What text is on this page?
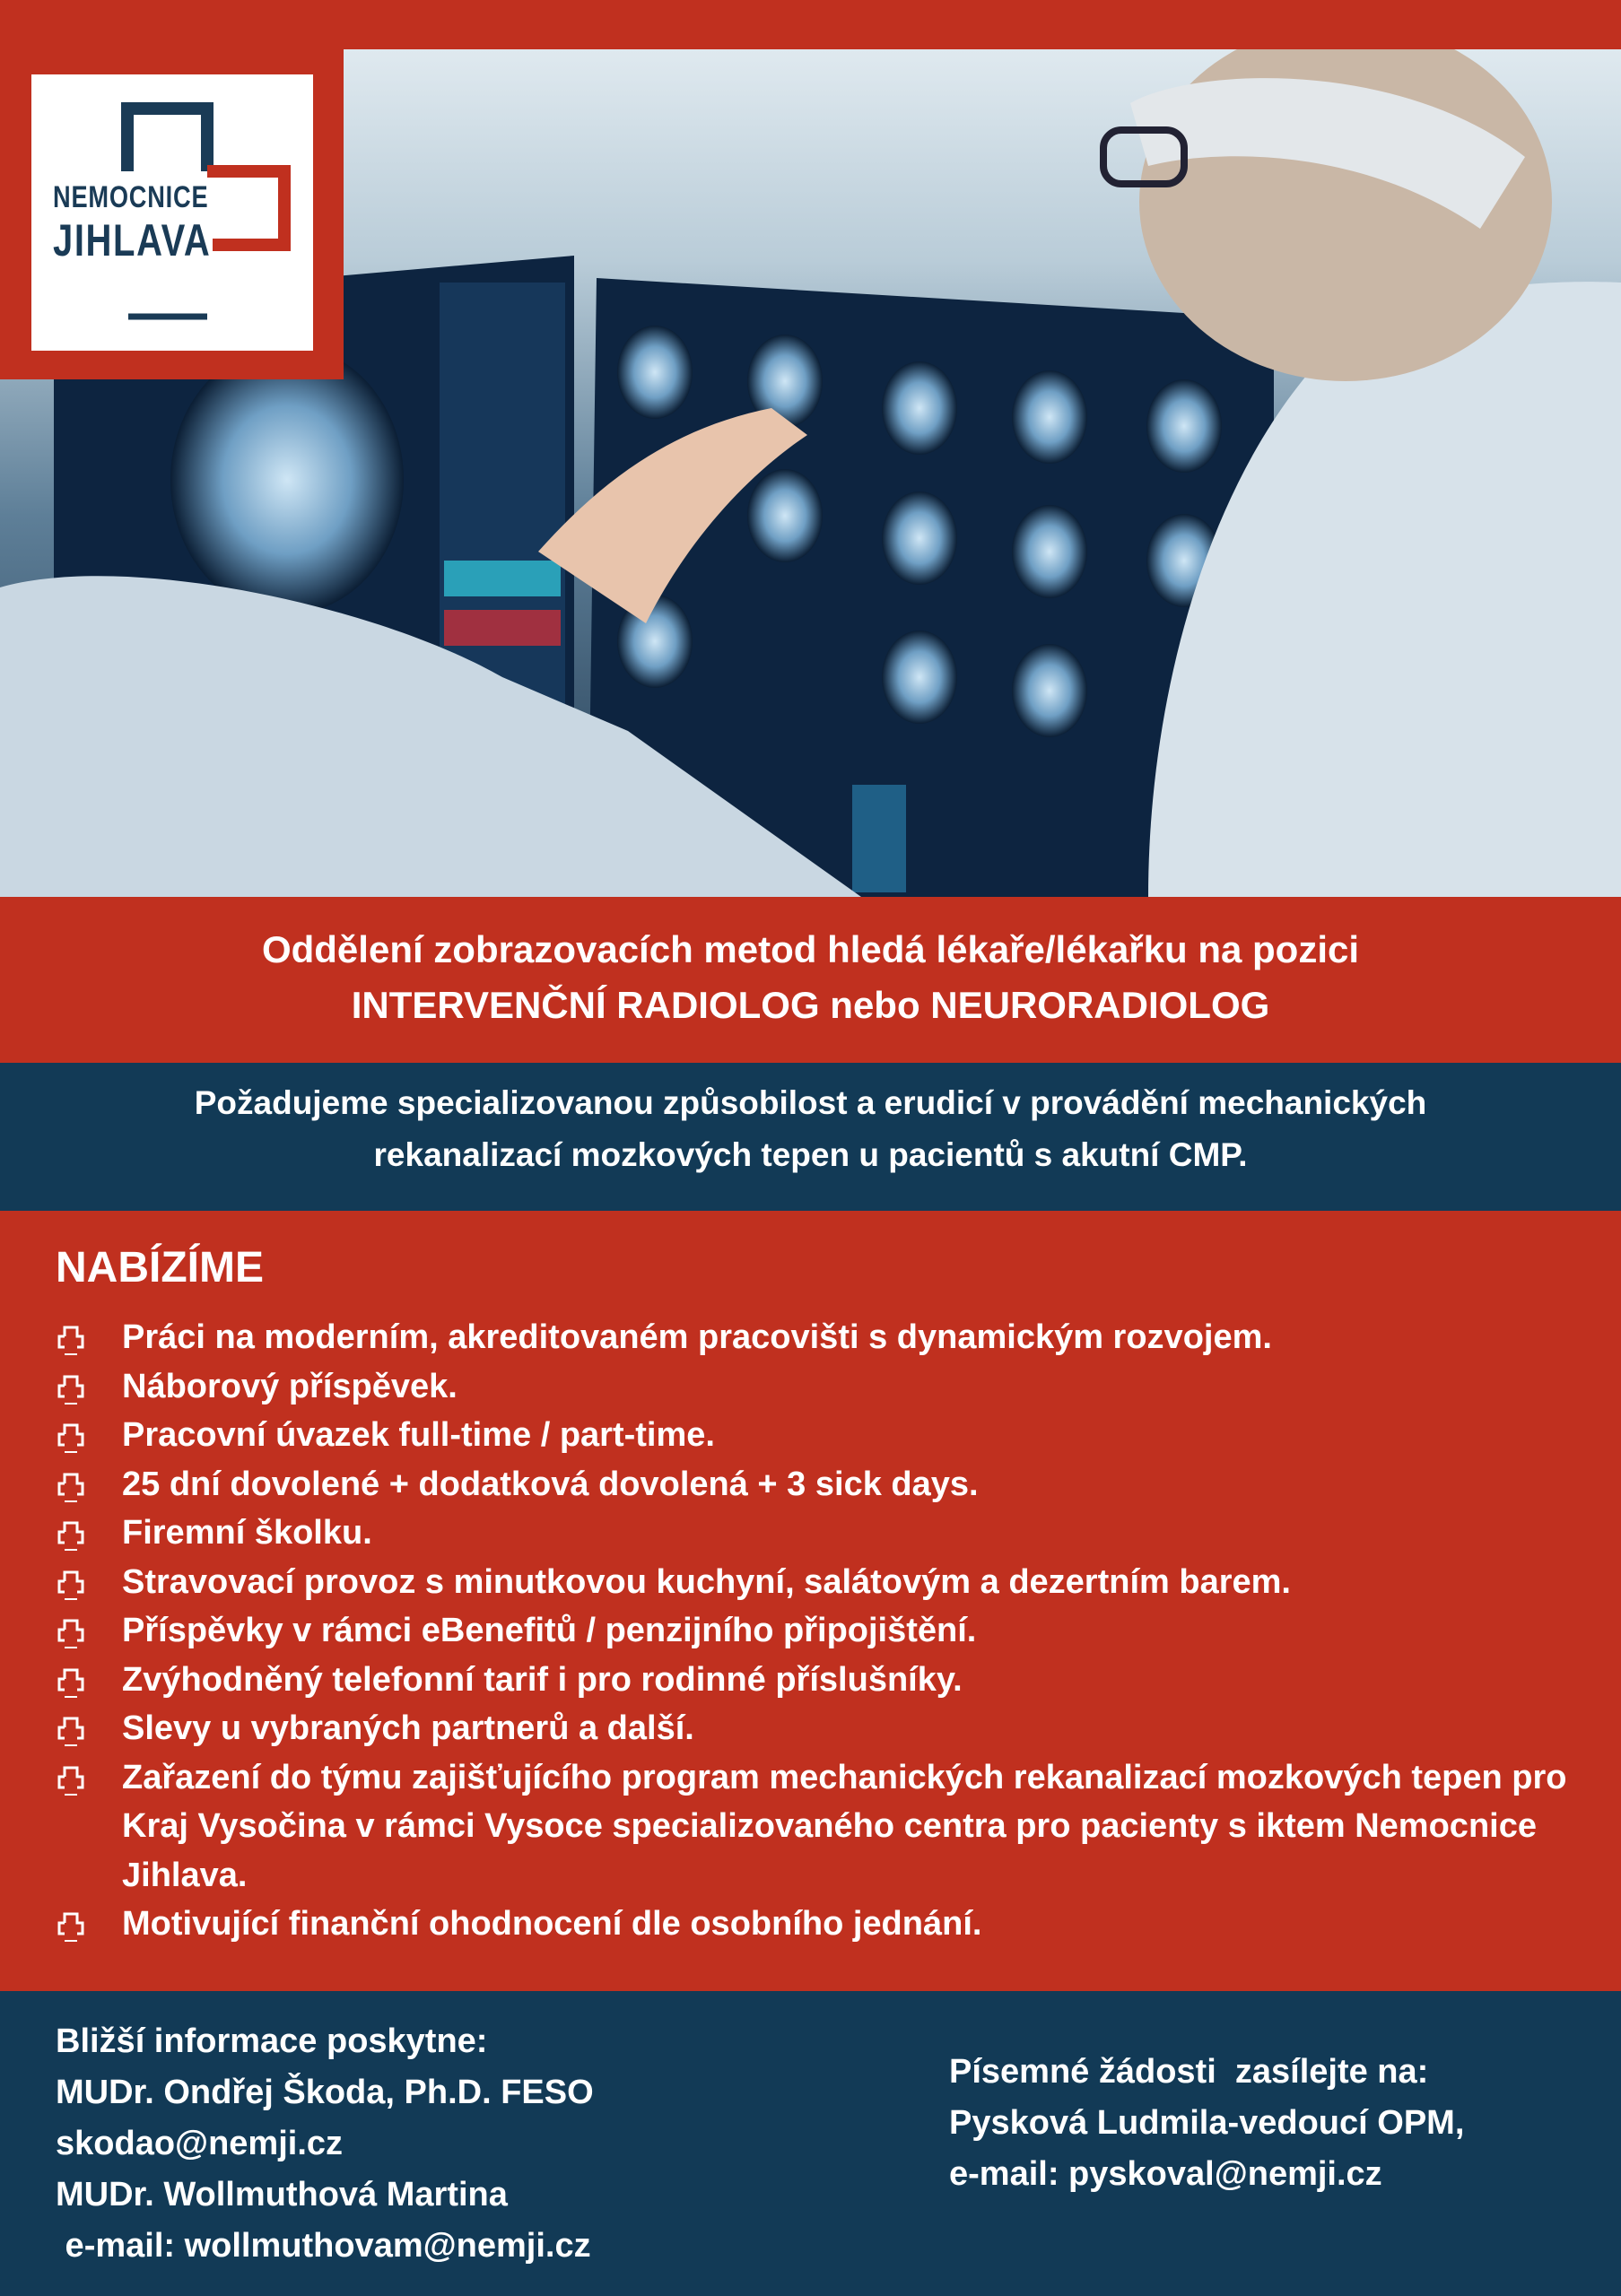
NEMOCNICE
JIHLAVA
Oddělení zobrazovacích metod hledá lékaře/lékařku na pozici
INTERVENČNÍ RADIOLOG nebo NEURORADIOLOG
Požadujeme specializovanou způsobilost a erudicí v provádění mechanických
rekanalizací mozkových tepen u pacientů s akutní CMP.
NABÍZÍME
Práci na moderním, akreditovaném pracovišti s dynamickým rozvojem.
Náborový příspěvek.
Pracovní úvazek full-time / part-time.
25 dní dovolené + dodatková dovolená + 3 sick days.
Firemní školku.
Stravovací provoz s minutkovou kuchyní, salátovým a dezertním barem.
Příspěvky v rámci eBenefitů / penzijního připojištění.
Zvýhodněný telefonní tarif i pro rodinné příslušníky.
Slevy u vybraných partnerů a další.
Zařazení do týmu zajišťujícího program mechanických rekanalizací mozkových tepen pro Kraj Vysočina v rámci Vysoce specializovaného centra pro pacienty s iktem Nemocnice Jihlava.
Motivující finanční ohodnocení dle osobního jednání.
Bližší informace poskytne:
MUDr. Ondřej Škoda, Ph.D. FESO
skodao@nemji.cz
MUDr. Wollmuthová Martina
e-mail: wollmuthovam@nemji.cz
Písemné žádosti  zasílejte na:
Pysková Ludmila-vedoucí OPM,
e-mail: pyskoval@nemji.cz
